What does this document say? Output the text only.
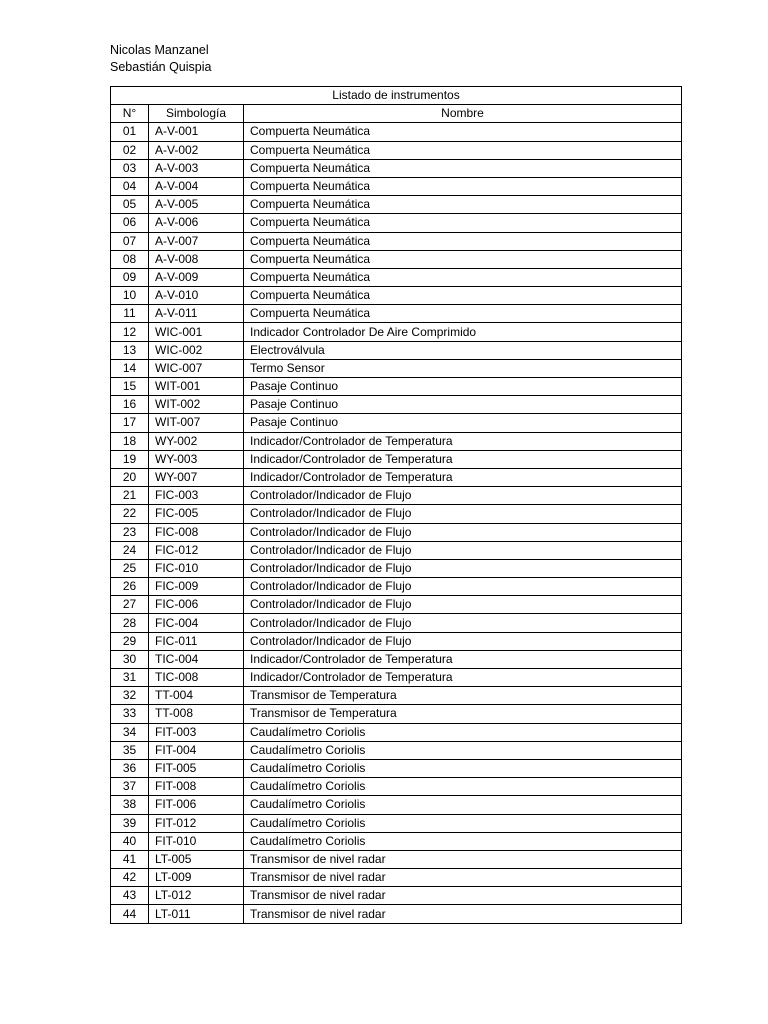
Nicolas Manzanel
Sebastián Quispia
Listado de instrumentos		
N°	Simbología	Nombre
01	A-V-001	Compuerta Neumática
02	A-V-002	Compuerta Neumática
03	A-V-003	Compuerta Neumática
04	A-V-004	Compuerta Neumática
05	A-V-005	Compuerta Neumática
06	A-V-006	Compuerta Neumática
07	A-V-007	Compuerta Neumática
08	A-V-008	Compuerta Neumática
09	A-V-009	Compuerta Neumática
10	A-V-010	Compuerta Neumática
11	A-V-011	Compuerta Neumática
12	WIC-001	Indicador Controlador De Aire Comprimido
13	WIC-002	Electroválvula
14	WIC-007	Termo Sensor
15	WIT-001	Pasaje Continuo
16	WIT-002	Pasaje Continuo
17	WIT-007	Pasaje Continuo
18	WY-002	Indicador/Controlador de Temperatura
19	WY-003	Indicador/Controlador de Temperatura
20	WY-007	Indicador/Controlador de Temperatura
21	FIC-003	Controlador/Indicador de Flujo
22	FIC-005	Controlador/Indicador de Flujo
23	FIC-008	Controlador/Indicador de Flujo
24	FIC-012	Controlador/Indicador de Flujo
25	FIC-010	Controlador/Indicador de Flujo
26	FIC-009	Controlador/Indicador de Flujo
27	FIC-006	Controlador/Indicador de Flujo
28	FIC-004	Controlador/Indicador de Flujo
29	FIC-011	Controlador/Indicador de Flujo
30	TIC-004	Indicador/Controlador de Temperatura
31	TIC-008	Indicador/Controlador de Temperatura
32	TT-004	Transmisor de Temperatura
33	TT-008	Transmisor de Temperatura
34	FIT-003	Caudalímetro Coriolis
35	FIT-004	Caudalímetro Coriolis
36	FIT-005	Caudalímetro Coriolis
37	FIT-008	Caudalímetro Coriolis
38	FIT-006	Caudalímetro Coriolis
39	FIT-012	Caudalímetro Coriolis
40	FIT-010	Caudalímetro Coriolis
41	LT-005	Transmisor de nivel radar
42	LT-009	Transmisor de nivel radar
43	LT-012	Transmisor de nivel radar
44	LT-011	Transmisor de nivel radar
